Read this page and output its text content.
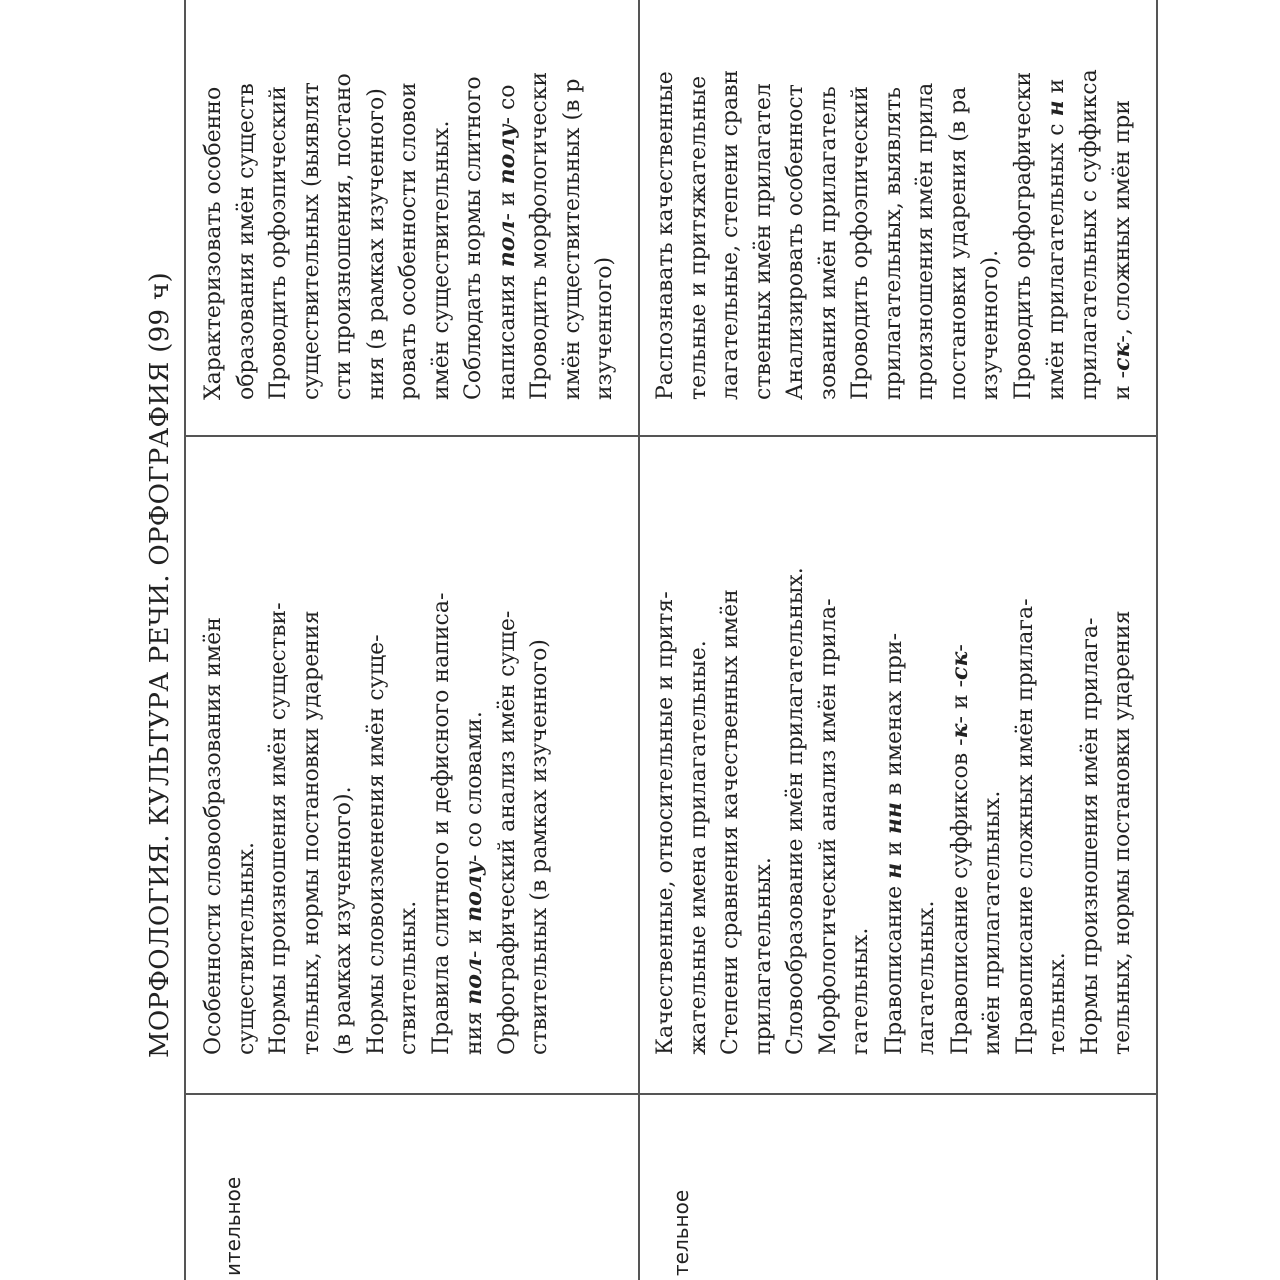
МОРФОЛОГИЯ. КУЛЬТУРА РЕЧИ. ОРФОГРАФИЯ (99 ч)
ительное	тельное
Особенности словообразования имён существительных. Нормы произношения имён существи- тельных, нормы постановки ударения (в рамках изученного). Нормы словоизменения имён суще- ствительных. Правила слитного и дефисного написа- ния пол- и полу- со словами. Орфографический анализ имён суще- ствительных (в рамках изученного)
Характеризовать особенно образования имён существ Проводить орфоэпический существительных (выявлят сти произношения, постано ния (в рамках изученного) ровать особенности словои имён существительных. Соблюдать нормы слитного написания пол- и полу- со Проводить морфологически имён существительных (в р изученного)
Качественные, относительные и притя- жательные имена прилагательные. Степени сравнения качественных имён прилагательных. Словообразование имён прилагательных. Морфологический анализ имён прила- гательных. Правописание н и нн в именах при-
лагательных. Правописание суффиксов -к- и -ск-
имён прилагательных. Правописание сложных имён прилага- тельных. Нормы произношения имён прилага- тельных, нормы постановки ударения
Распознавать качественные тельные и притяжательные лагательные, степени сравн ственных имён прилагател Анализировать особенност зования имён прилагатель Проводить орфоэпический прилагательных, выявлять произношения имён прила постановки ударения (в ра изученного). Проводить орфографически имён прилагательных с н и прилагательных с суффикса и -ск-, сложных имён при
